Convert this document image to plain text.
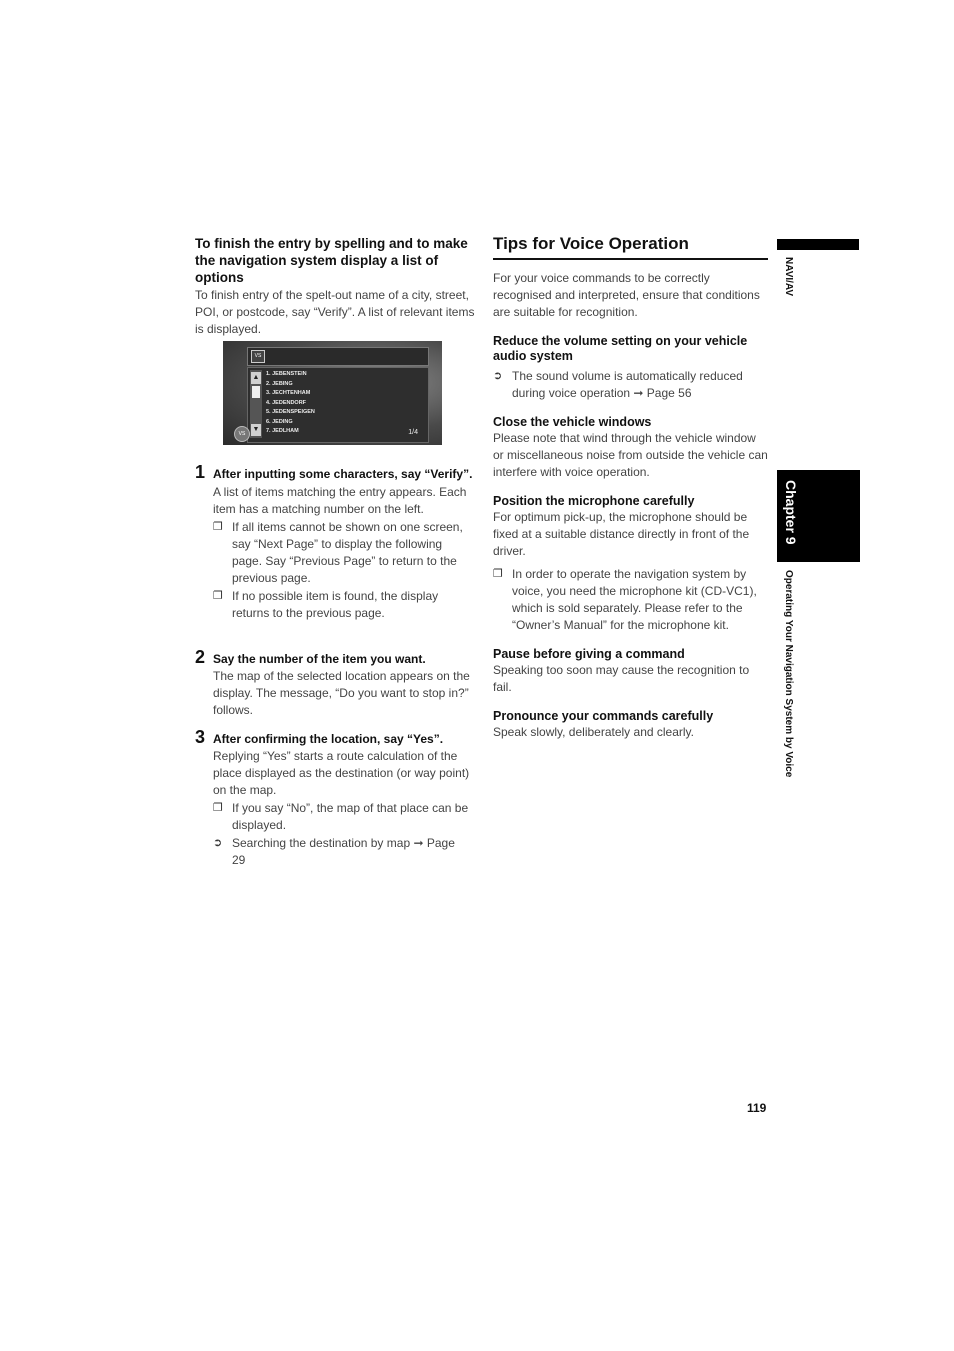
To finish the entry by spelling and to make the navigation system display a list of options

To finish entry of the spelt-out name of a city, street, POI, or postcode, say “Verify”. A list of relevant items is displayed.

VS
▲
▼
1. JEBENSTEIN
2. JEBING
3. JECHTENHAM
4. JEDENDORF
5. JEDENSPEIGEN
6. JEDING
7. JEDLHAM	1/4
VS
1 After inputting some characters, say “Verify”.

A list of items matching the entry appears. Each item has a matching number on the left.

❐ If all items cannot be shown on one screen, say “Next Page” to display the following page. Say “Previous Page” to return to the previous page.

❐ If no possible item is found, the display returns to the previous page.

2 Say the number of the item you want.

The map of the selected location appears on the display. The message, “Do you want to stop in?” follows.

3 After confirming the location, say “Yes”.

Replying “Yes” starts a route calculation of the place displayed as the destination (or way point) on the map.

❐ If you say “No”, the map of that place can be displayed.

➲ Searching the destination by map ➞ Page 29

Tips for Voice Operation

For your voice commands to be correctly recognised and interpreted, ensure that conditions are suitable for recognition.

Reduce the volume setting on your vehicle audio system

➲ The sound volume is automatically reduced during voice operation ➞ Page 56

Close the vehicle windows

Please note that wind through the vehicle window or miscellaneous noise from outside the vehicle can interfere with voice operation.

Position the microphone carefully

For optimum pick-up, the microphone should be fixed at a suitable distance directly in front of the driver.

❐ In order to operate the navigation system by voice, you need the microphone kit (CD-VC1), which is sold separately. Please refer to the “Owner’s Manual” for the microphone kit.

Pause before giving a command

Speaking too soon may cause the recognition to fail.

Pronounce your commands carefully

Speak slowly, deliberately and clearly.

NAVI/AV
Chapter 9
Operating Your Navigation System by Voice
119
